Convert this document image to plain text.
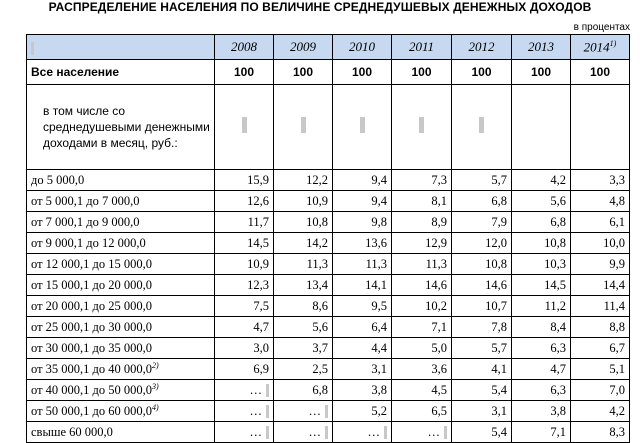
РАСПРЕДЕЛЕНИЕ НАСЕЛЕНИЯ ПО ВЕЛИЧИНЕ СРЕДНЕДУШЕВЫХ ДЕНЕЖНЫХ ДОХОДОВ
в процентах
	2008	2009	2010	2011	2012	2013	2014$^{1)}$
Все население	100	100	100	100	100	100	100
в том числе со среднедушевыми денежными доходами в месяц, руб.:							
до 5 000,0	15,9	12,2	9,4	7,3	5,7	4,2	3,3
от 5 000,1 до 7 000,0	12,6	10,9	9,4	8,1	6,8	5,6	4,8
от 7 000,1 до 9 000,0	11,7	10,8	9,8	8,9	7,9	6,8	6,1
от 9 000,1 до 12 000,0	14,5	14,2	13,6	12,9	12,0	10,8	10,0
от 12 000,1 до 15 000,0	10,9	11,3	11,3	11,3	10,8	10,3	9,9
от 15 000,1 до 20 000,0	12,3	13,4	14,1	14,6	14,6	14,5	14,4
от 20 000,1 до 25 000,0	7,5	8,6	9,5	10,2	10,7	11,2	11,4
от 25 000,1 до 30 000,0	4,7	5,6	6,4	7,1	7,8	8,4	8,8
от 30 000,1 до 35 000,0	3,0	3,7	4,4	5,0	5,7	6,3	6,7
от 35 000,1 до 40 000,0$^{2)}$	6,9	2,5	3,1	3,6	4,1	4,7	5,1
от 40 000,1 до 50 000,0$^{3)}$	…	6,8	3,8	4,5	5,4	6,3	7,0
от 50 000,1 до 60 000,0$^{4)}$	…	…	5,2	6,5	3,1	3,8	4,2
свыше 60 000,0	…	…	…	…	5,4	7,1	8,3
